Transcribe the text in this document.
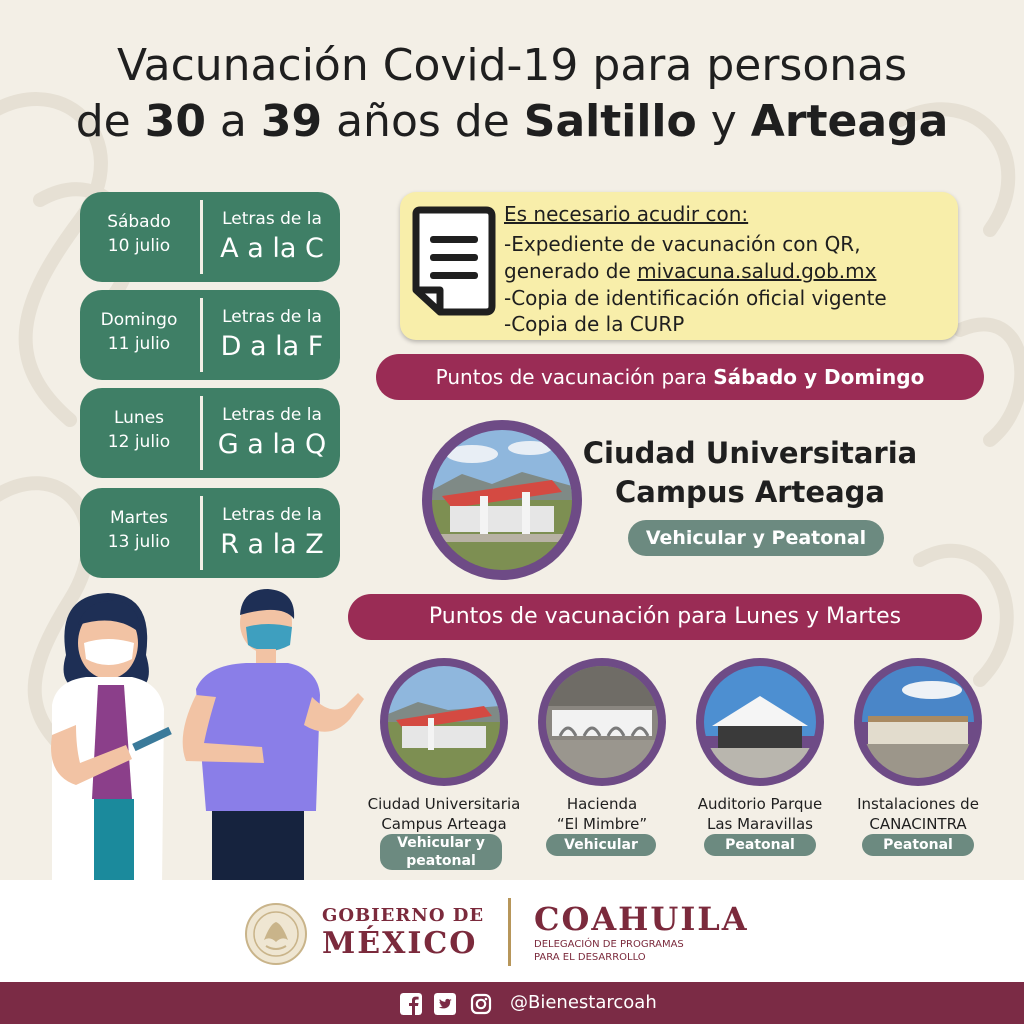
Vacunación Covid-19 para personas
de 30 a 39 años de Saltillo y Arteaga
Sábado
10 julio
Letras de la
A a la C
Domingo
11 julio
Letras de la
D a la F
Lunes
12 julio
Letras de la
G a la Q
Martes
13 julio
Letras de la
R a la Z
Es necesario acudir con:
-Expediente de vacunación con QR,
generado de mivacuna.salud.gob.mx
-Copia de identificación oficial vigente
-Copia de la CURP
Puntos de vacunación para Sábado y Domingo
Ciudad Universitaria
Campus Arteaga
Vehicular y Peatonal
Puntos de vacunación para Lunes y Martes
Ciudad Universitaria
Campus Arteaga
Hacienda
“El Mimbre”
Auditorio Parque
Las Maravillas
Instalaciones de
CANACINTRA
Vehicular y
peatonal
Vehicular	Peatonal	Peatonal
GOBIERNO DE
MÉXICO
COAHUILA
DELEGACIÓN DE PROGRAMAS
PARA EL DESARROLLO
@Bienestarcoah
